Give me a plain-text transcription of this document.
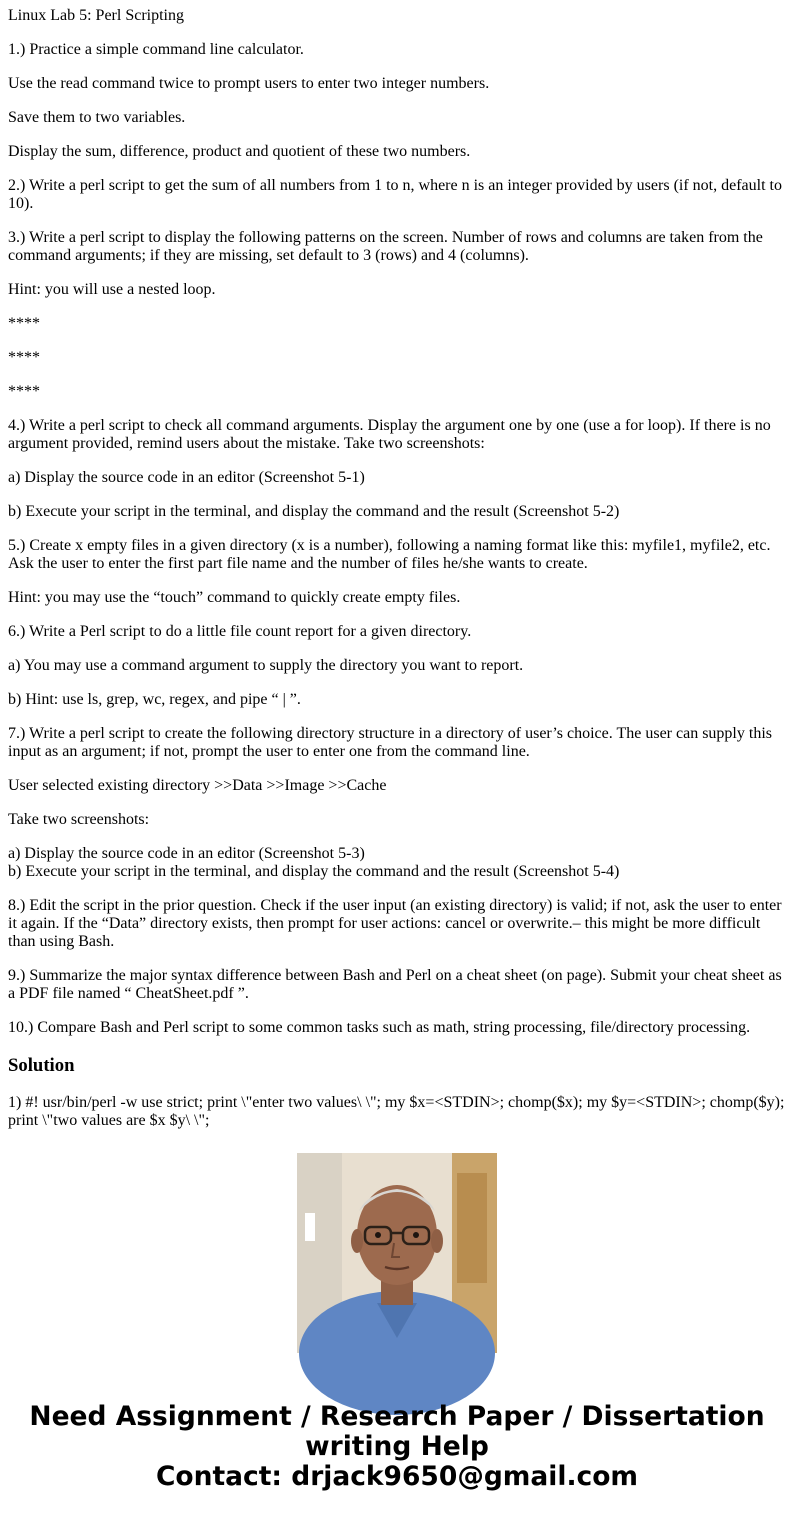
Linux Lab 5: Perl Scripting

1.) Practice a simple command line calculator.

Use the read command twice to prompt users to enter two integer numbers.

Save them to two variables.

Display the sum, difference, product and quotient of these two numbers.

2.) Write a perl script to get the sum of all numbers from 1 to n, where n is an integer provided by users (if not, default to 10).

3.) Write a perl script to display the following patterns on the screen. Number of rows and columns are taken from the command arguments; if they are missing, set default to 3 (rows) and 4 (columns).

Hint: you will use a nested loop.

****

****

****

4.) Write a perl script to check all command arguments. Display the argument one by one (use a for loop). If there is no argument provided, remind users about the mistake. Take two screenshots:

a) Display the source code in an editor (Screenshot 5-1)

b) Execute your script in the terminal, and display the command and the result (Screenshot 5-2)

5.) Create x empty files in a given directory (x is a number), following a naming format like this: myfile1, myfile2, etc. Ask the user to enter the first part file name and the number of files he/she wants to create.

Hint: you may use the “touch” command to quickly create empty files.

6.) Write a Perl script to do a little file count report for a given directory.

a) You may use a command argument to supply the directory you want to report.

b) Hint: use ls, grep, wc, regex, and pipe “ | ”.

7.) Write a perl script to create the following directory structure in a directory of user’s choice. The user can supply this input as an argument; if not, prompt the user to enter one from the command line.

User selected existing directory >>Data >>Image >>Cache

Take two screenshots:

a) Display the source code in an editor (Screenshot 5-3)
b) Execute your script in the terminal, and display the command and the result (Screenshot 5-4)

8.) Edit the script in the prior question. Check if the user input (an existing directory) is valid; if not, ask the user to enter it again. If the “Data” directory exists, then prompt for user actions: cancel or overwrite.– this might be more difficult than using Bash.

9.) Summarize the major syntax difference between Bash and Perl on a cheat sheet (on page). Submit your cheat sheet as a PDF file named “ CheatSheet.pdf ”.

10.) Compare Bash and Perl script to some common tasks such as math, string processing, file/directory processing.

Solution

1) #! usr/bin/perl -w use strict; print \"enter two values\ \"; my $x=<STDIN>; chomp($x); my $y=<STDIN>; chomp($y); print \"two values are $x $y\ \";

Need Assignment / Research Paper / Dissertation
writing Help
Contact: drjack9650@gmail.com
